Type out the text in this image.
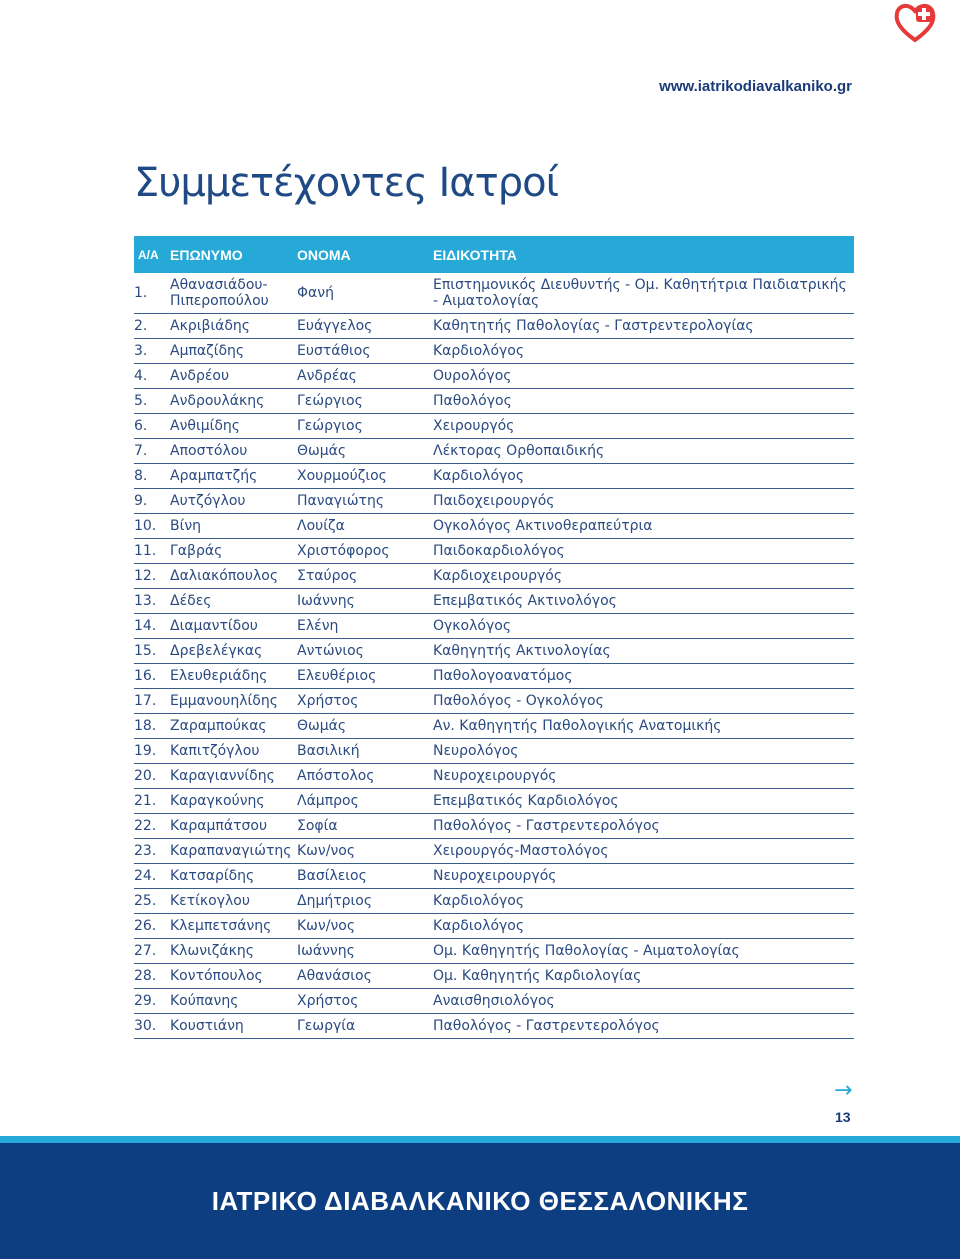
www.iatrikodiavalkaniko.gr
Συμμετέχοντες Ιατροί
Α/Α	ΕΠΩΝΥΜΟ	ΟΝΟΜΑ	ΕΙΔΙΚΟΤΗΤΑ
1.	Αθανασιάδου-Πιπεροπούλου	Φανή	Επιστημονικός Διευθυντής - Ομ. Καθητήτρια Παιδιατρικής - Αιματολογίας
2.	Ακριβιάδης	Ευάγγελος	Καθητητής Παθολογίας - Γαστρεντερολογίας
3.	Αμπαζίδης	Ευστάθιος	Καρδιολόγος
4.	Ανδρέου	Ανδρέας	Ουρολόγος
5.	Ανδρουλάκης	Γεώργιος	Παθολόγος
6.	Ανθιμίδης	Γεώργιος	Χειρουργός
7.	Αποστόλου	Θωμάς	Λέκτορας Ορθοπαιδικής
8.	Αραμπατζής	Χουρμούζιος	Καρδιολόγος
9.	Αυτζόγλου	Παναγιώτης	Παιδοχειρουργός
10.	Βίνη	Λουίζα	Ογκολόγος Ακτινοθεραπεύτρια
11.	Γαβράς	Χριστόφορος	Παιδοκαρδιολόγος
12.	Δαλιακόπουλος	Σταύρος	Καρδιοχειρουργός
13.	Δέδες	Ιωάννης	Επεμβατικός Ακτινολόγος
14.	Διαμαντίδου	Ελένη	Ογκολόγος
15.	Δρεβελέγκας	Αντώνιος	Καθηγητής Ακτινολογίας
16.	Ελευθεριάδης	Ελευθέριος	Παθολογοανατόμος
17.	Εμμανουηλίδης	Χρήστος	Παθολόγος - Ογκολόγος
18.	Ζαραμπούκας	Θωμάς	Αν. Καθηγητής Παθολογικής Ανατομικής
19.	Καπιτζόγλου	Βασιλική	Νευρολόγος
20.	Καραγιαννίδης	Απόστολος	Νευροχειρουργός
21.	Καραγκούνης	Λάμπρος	Επεμβατικός Καρδιολόγος
22.	Καραμπάτσου	Σοφία	Παθολόγος - Γαστρεντερολόγος
23.	Καραπαναγιώτης	Κων/νος	Χειρουργός-Μαστολόγος
24.	Κατσαρίδης	Βασίλειος	Νευροχειρουργός
25.	Κετίκογλου	Δημήτριος	Καρδιολόγος
26.	Κλεμπετσάνης	Κων/νος	Καρδιολόγος
27.	Κλωνιζάκης	Ιωάννης	Ομ. Καθηγητής Παθολογίας - Αιματολογίας
28.	Κοντόπουλος	Αθανάσιος	Ομ. Καθηγητής Καρδιολογίας
29.	Κούπανης	Χρήστος	Αναισθησιολόγος
30.	Κουστιάνη	Γεωργία	Παθολόγος - Γαστρεντερολόγος
→
13
ΙΑΤΡΙΚΟ ΔΙΑΒΑΛΚΑΝΙΚΟ ΘΕΣΣΑΛΟΝΙΚΗΣ
